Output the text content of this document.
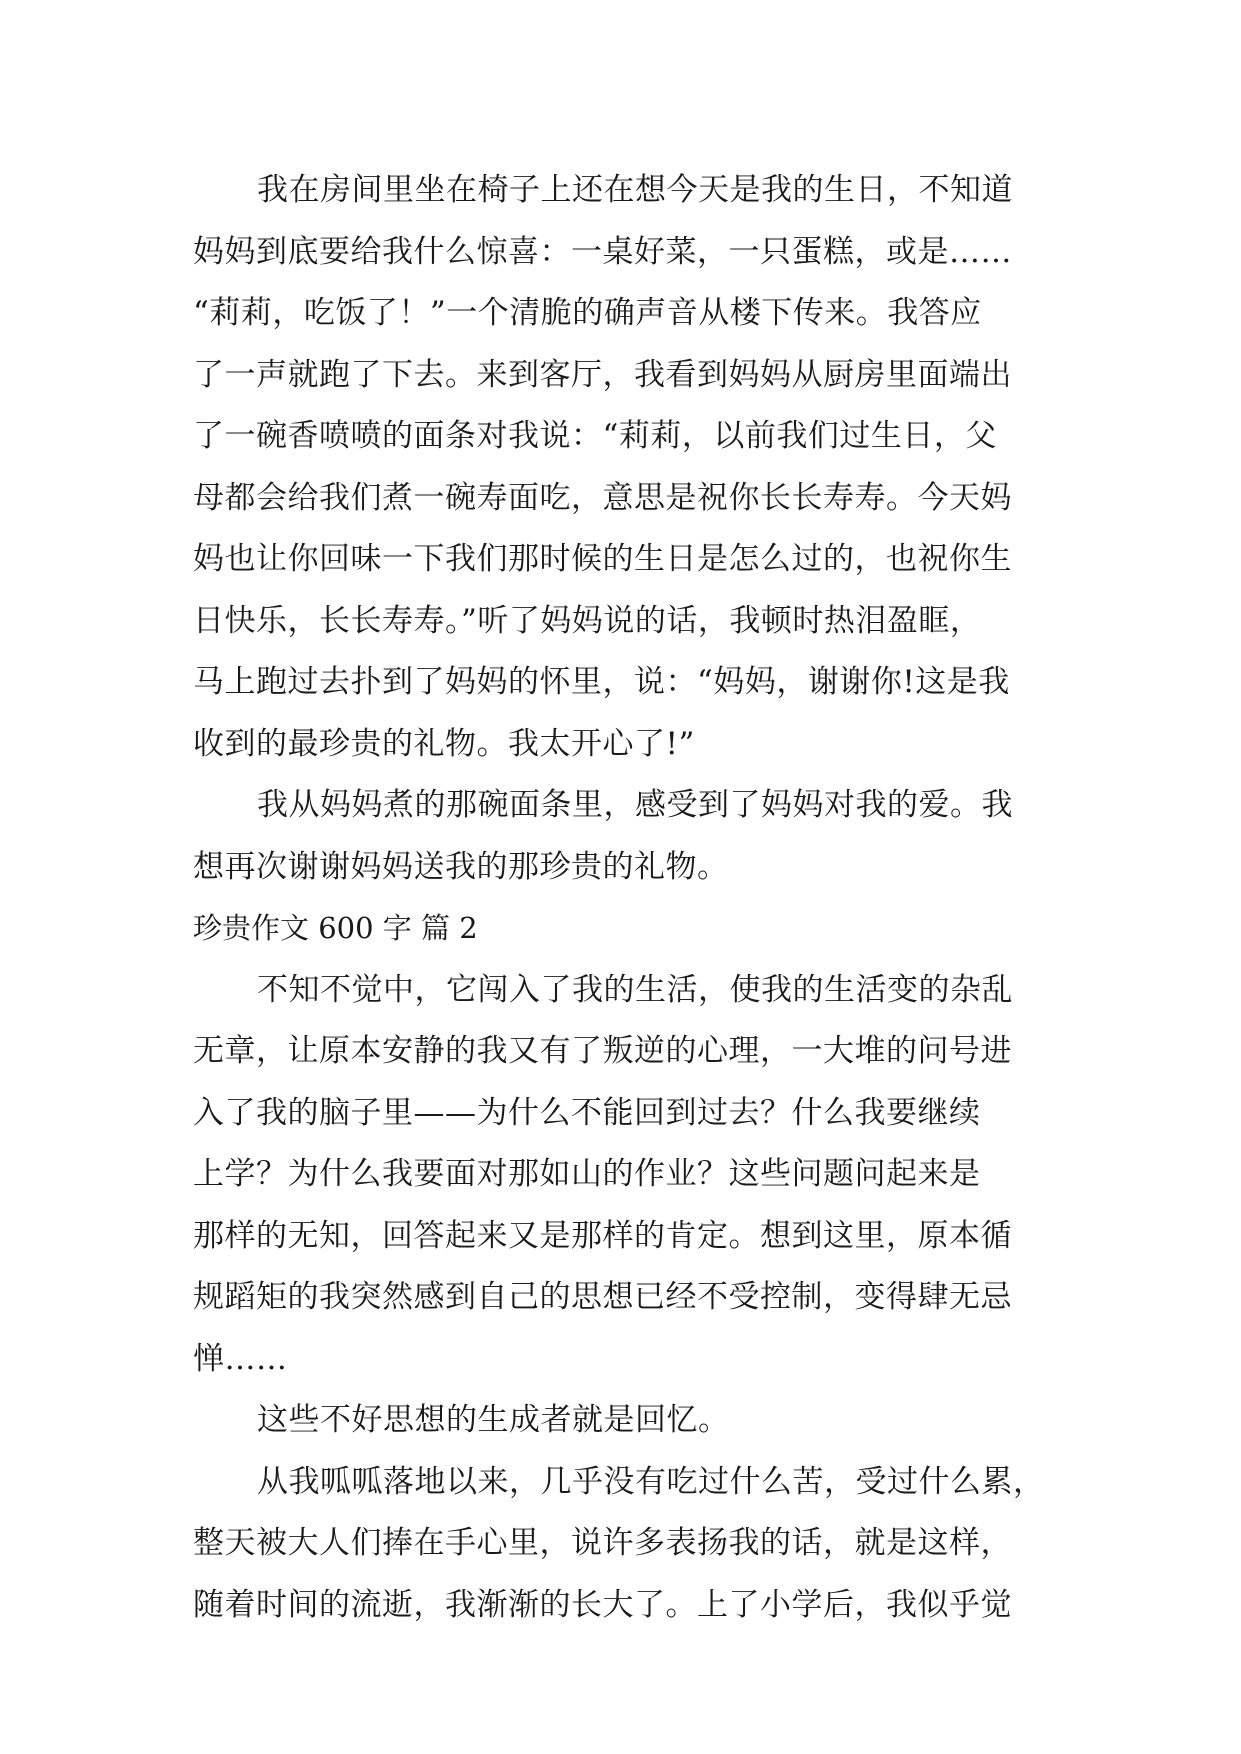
我在房间里坐在椅子上还在想今天是我的生日，不知道
妈妈到底要给我什么惊喜：一桌好菜，一只蛋糕，或是……
“莉莉，吃饭了！”一个清脆的确声音从楼下传来。我答应
了一声就跑了下去。来到客厅，我看到妈妈从厨房里面端出
了一碗香喷喷的面条对我说：“莉莉，以前我们过生日，父
母都会给我们煮一碗寿面吃，意思是祝你长长寿寿。今天妈
妈也让你回味一下我们那时候的生日是怎么过的，也祝你生
日快乐，长长寿寿。”听了妈妈说的话，我顿时热泪盈眶，
马上跑过去扑到了妈妈的怀里，说：“妈妈，谢谢你!这是我
收到的最珍贵的礼物。我太开心了!”
我从妈妈煮的那碗面条里，感受到了妈妈对我的爱。我
想再次谢谢妈妈送我的那珍贵的礼物。
珍贵作文 600 字 篇 2
不知不觉中，它闯入了我的生活，使我的生活变的杂乱
无章，让原本安静的我又有了叛逆的心理，一大堆的问号进
入了我的脑子里——为什么不能回到过去？什么我要继续
上学？为什么我要面对那如山的作业？这些问题问起来是
那样的无知，回答起来又是那样的肯定。想到这里，原本循
规蹈矩的我突然感到自己的思想已经不受控制，变得肆无忌
惮……
这些不好思想的生成者就是回忆。
从我呱呱落地以来，几乎没有吃过什么苦，受过什么累，
整天被大人们捧在手心里，说许多表扬我的话，就是这样，
随着时间的流逝，我渐渐的长大了。上了小学后，我似乎觉
